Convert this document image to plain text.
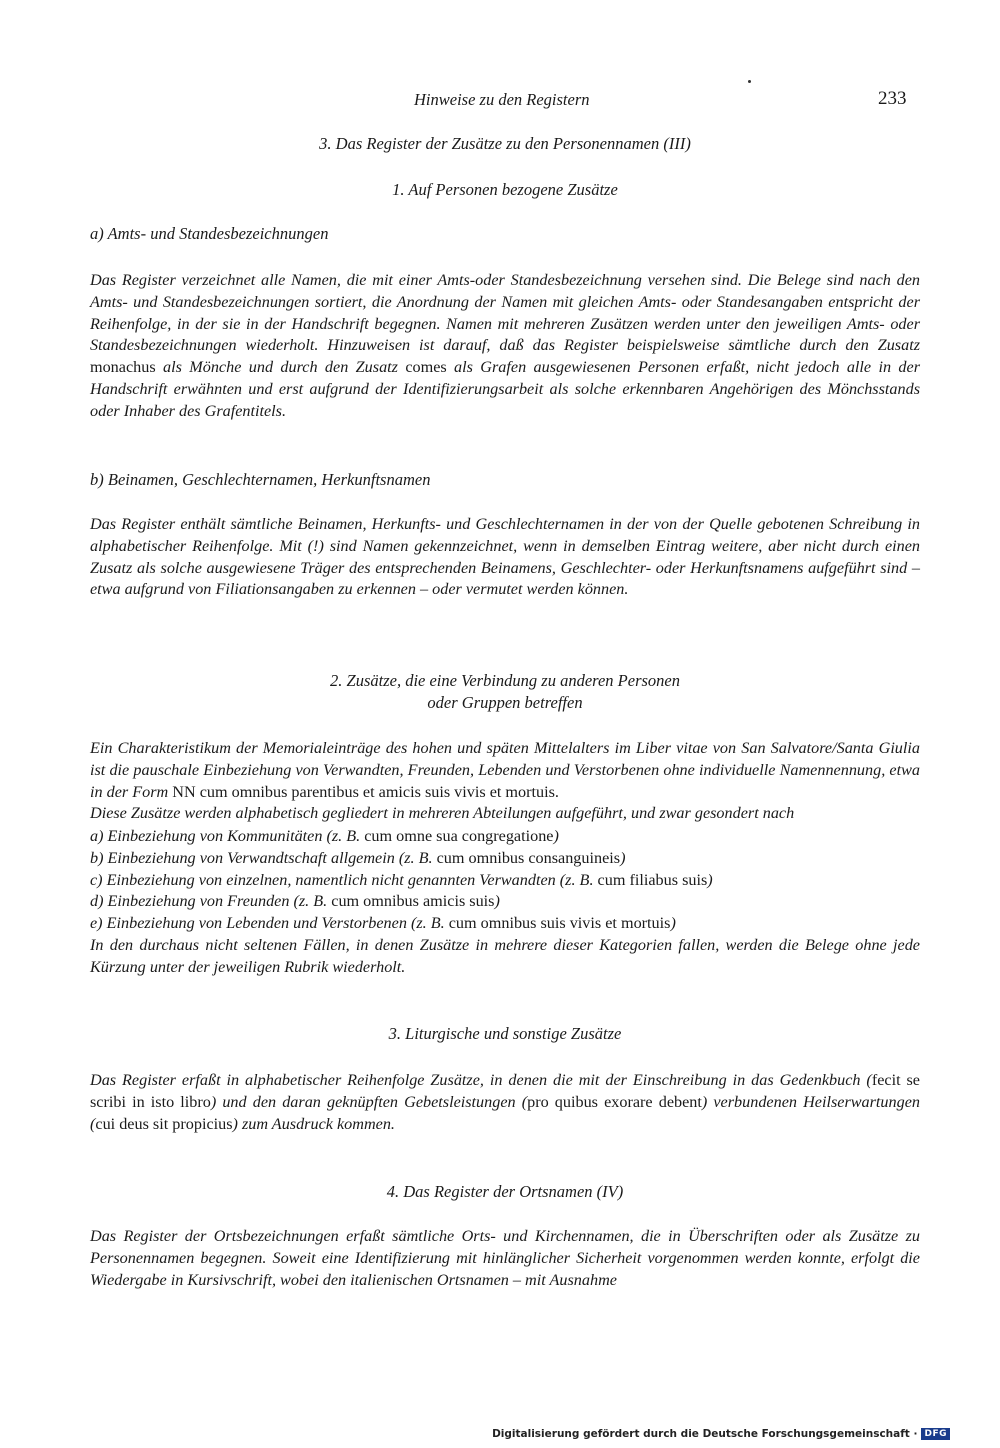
Hinweise zu den Registern	233
3. Das Register der Zusätze zu den Personennamen (III)
1. Auf Personen bezogene Zusätze
a) Amts- und Standesbezeichnungen

Das Register verzeichnet alle Namen, die mit einer Amts-oder Standesbezeichnung versehen sind. Die Belege sind nach den Amts- und Standesbezeichnungen sortiert, die Anordnung der Namen mit gleichen Amts- oder Standesangaben entspricht der Reihenfolge, in der sie in der Handschrift begegnen. Namen mit mehreren Zusätzen werden unter den jeweiligen Amts- oder Standesbezeichnungen wiederholt. Hinzuweisen ist darauf, daß das Register beispielsweise sämtliche durch den Zusatz monachus als Mönche und durch den Zusatz comes als Grafen ausgewiesenen Personen erfaßt, nicht jedoch alle in der Handschrift erwähnten und erst aufgrund der Identifizierungsarbeit als solche erkennbaren Angehörigen des Mönchsstands oder Inhaber des Grafentitels.

b) Beinamen, Geschlechternamen, Herkunftsnamen

Das Register enthält sämtliche Beinamen, Herkunfts- und Geschlechternamen in der von der Quelle gebotenen Schreibung in alphabetischer Reihenfolge. Mit (!) sind Namen gekennzeichnet, wenn in demselben Eintrag weitere, aber nicht durch einen Zusatz als solche ausgewiesene Träger des entsprechenden Beinamens, Geschlechter- oder Herkunftsnamens aufgeführt sind – etwa aufgrund von Filiationsangaben zu erkennen – oder vermutet werden können.

2. Zusätze, die eine Verbindung zu anderen Personen
oder Gruppen betreffen

Ein Charakteristikum der Memorialeinträge des hohen und späten Mittelalters im Liber vitae von San Salvatore/Santa Giulia ist die pauschale Einbeziehung von Verwandten, Freunden, Lebenden und Verstorbenen ohne individuelle Namennennung, etwa in der Form NN cum omnibus parentibus et amicis suis vivis et mortuis.
Diese Zusätze werden alphabetisch gegliedert in mehreren Abteilungen aufgeführt, und zwar gesondert nach

a) Einbeziehung von Kommunitäten (z. B. cum omne sua congregatione)
b) Einbeziehung von Verwandtschaft allgemein (z. B. cum omnibus consanguineis)
c) Einbeziehung von einzelnen, namentlich nicht genannten Verwandten (z. B. cum filiabus suis)
d) Einbeziehung von Freunden (z. B. cum omnibus amicis suis)
e) Einbeziehung von Lebenden und Verstorbenen (z. B. cum omnibus suis vivis et mortuis)

In den durchaus nicht seltenen Fällen, in denen Zusätze in mehrere dieser Kategorien fallen, werden die Belege ohne jede Kürzung unter der jeweiligen Rubrik wiederholt.

3. Liturgische und sonstige Zusätze

Das Register erfaßt in alphabetischer Reihenfolge Zusätze, in denen die mit der Einschreibung in das Gedenkbuch (fecit se scribi in isto libro) und den daran geknüpften Gebetsleistungen (pro quibus exorare debent) verbundenen Heilserwartungen (cui deus sit propicius) zum Ausdruck kommen.

4. Das Register der Ortsnamen (IV)

Das Register der Ortsbezeichnungen erfaßt sämtliche Orts- und Kirchennamen, die in Überschriften oder als Zusätze zu Personennamen begegnen. Soweit eine Identifizierung mit hinlänglicher Sicherheit vorgenommen werden konnte, erfolgt die Wiedergabe in Kursivschrift, wobei den italienischen Ortsnamen – mit Ausnahme

Digitalisierung gefördert durch die Deutsche Forschungsgemeinschaft · DFG
